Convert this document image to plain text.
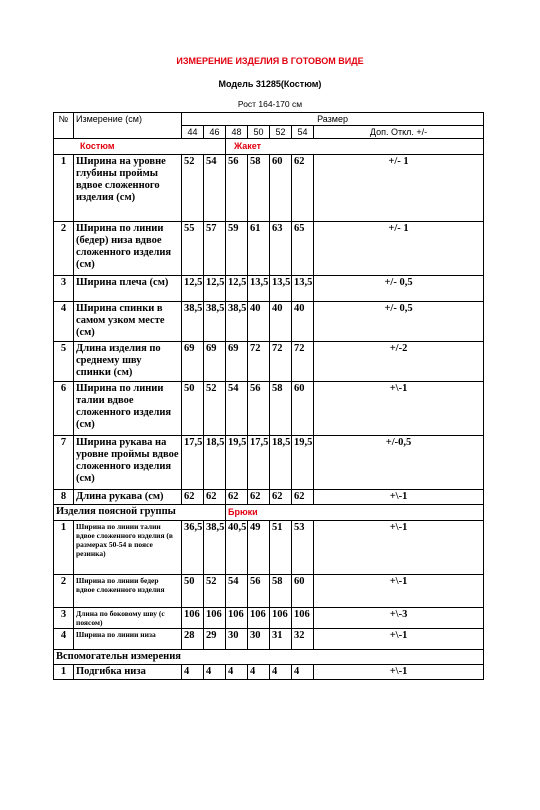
ИЗМЕРЕНИЕ ИЗДЕЛИЯ В ГОТОВОМ ВИДЕ
Модель 31285(Костюм)
Рост 164-170 см
№	Измерение (см)	Размер						
		44	46	48	50	52	54	Доп. Откл. +/-
Костюм				Жакет				
1	Ширина на уровне глубины проймы вдвое сложенного изделия (см)	52	54	56	58	60	62	+/- 1
2	Ширина по линии (бедер) низа вдвое сложенного изделия (см)	55	57	59	61	63	65	+/- 1
3	Ширина плеча (см)	12,5	12,5	12,5	13,5	13,5	13,5	+/- 0,5
4	Ширина спинки в самом узком месте (см)	38,5	38,5	38,5	40	40	40	+/- 0,5
5	Длина изделия по среднему шву спинки (см)	69	69	69	72	72	72	+/-2
6	Ширина по линии талии вдвое сложенного изделия (см)	50	52	54	56	58	60	+\-1
7	Ширина рукава на уровне проймы вдвое сложенного изделия (см)	17,5	18,5	19,5	17,5	18,5	19,5	+/-0,5
8	Длина рукава (см)	62	62	62	62	62	62	+\-1
Изделия поясной группы				Брюки				
1	Ширина по линии талии вдвое сложенного изделия (в размерах 50-54 в поясе резинка)	36,5	38,5	40,5	49	51	53	+\-1
2	Ширина по линии бедер вдвое сложенного изделия	50	52	54	56	58	60	+\-1
3	Длина по боковому шву (с поясом)	106	106	106	106	106	106	+\-3
4	Ширина по линии низа	28	29	30	30	31	32	+\-1
Вспомогательн измерения								
1	Подгибка низа	4	4	4	4	4	4	+\-1
